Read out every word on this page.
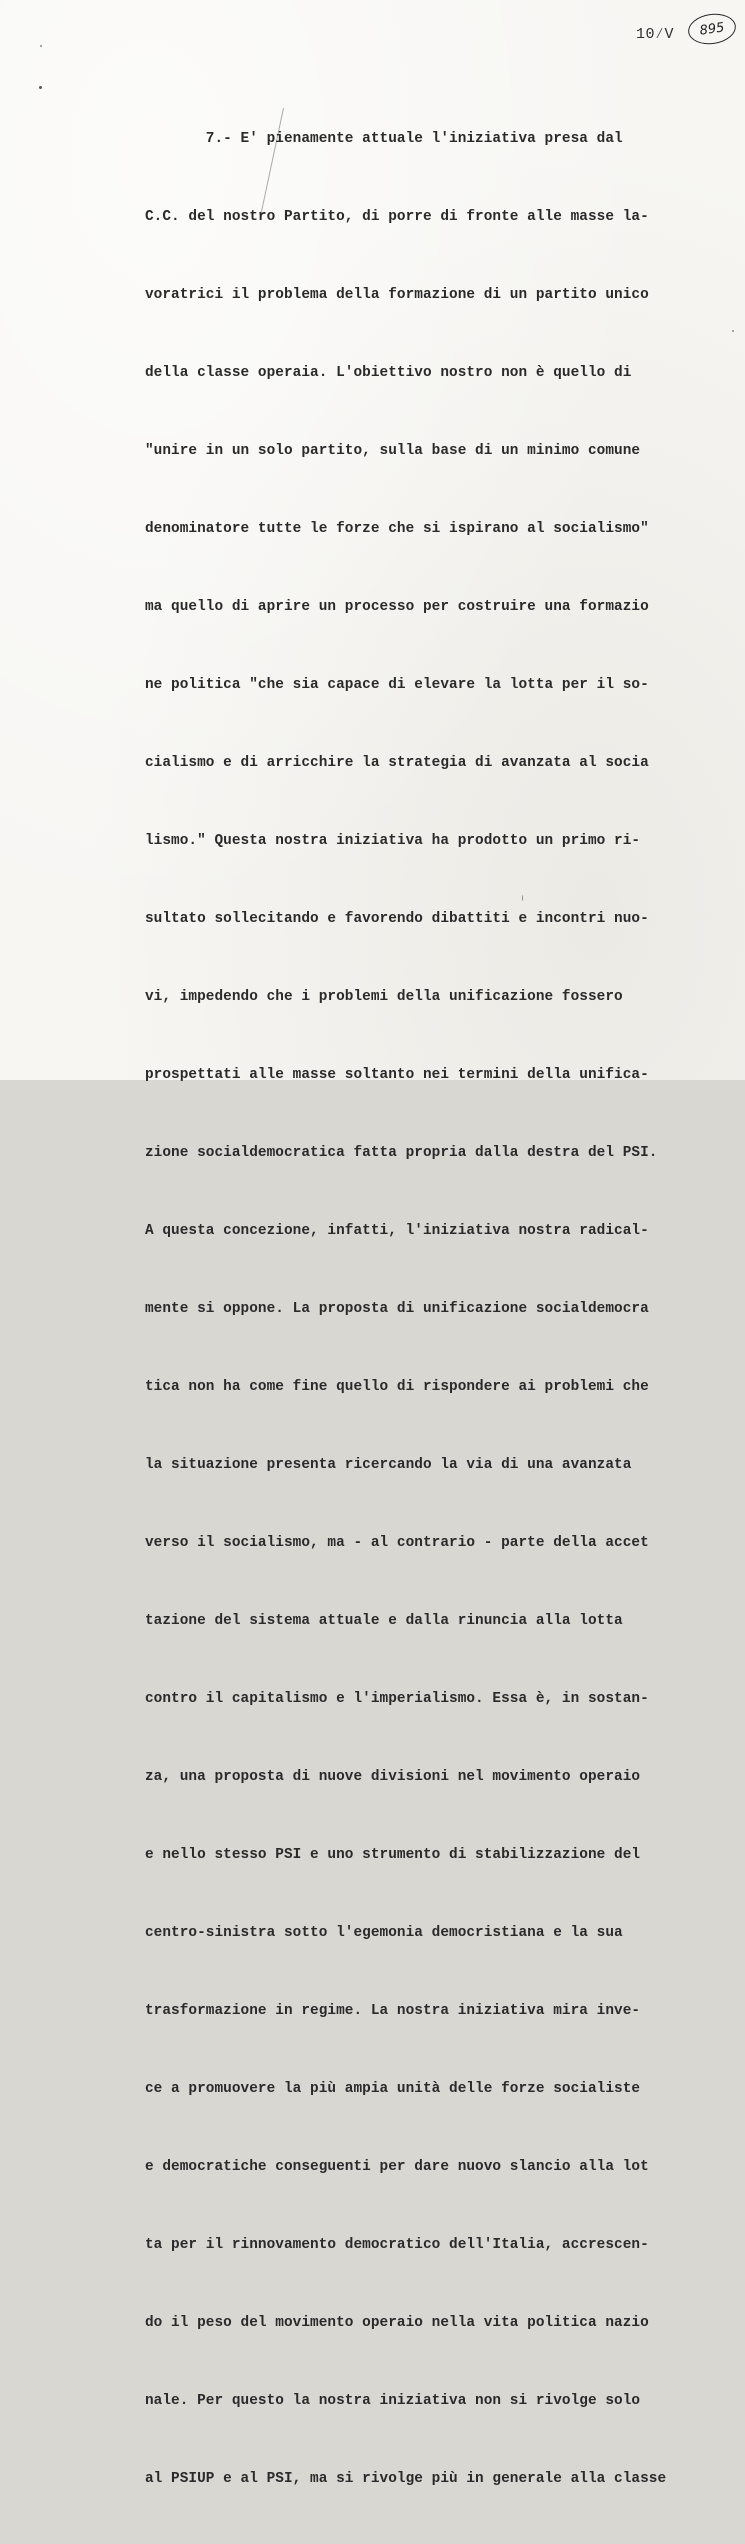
10∕V 895

7.- E' pienamente attuale l'iniziativa presa dal

C.C. del nostro Partito, di porre di fronte alle masse la-

voratrici il problema della formazione di un partito unico

della classe operaia. L'obiettivo nostro non è quello di

"unire in un solo partito, sulla base di un minimo comune

denominatore tutte le forze che si ispirano al socialismo"

ma quello di aprire un processo per costruire una formazio

ne politica "che sia capace di elevare la lotta per il so-

cialismo e di arricchire la strategia di avanzata al socia

lismo." Questa nostra iniziativa ha prodotto un primo ri-

sultato sollecitando e favorendo dibattiti e incontri nuo-

vi, impedendo che i problemi della unificazione fossero

prospettati alle masse soltanto nei termini della unifica-

zione socialdemocratica fatta propria dalla destra del PSI.

A questa concezione, infatti, l'iniziativa nostra radical-

mente si oppone. La proposta di unificazione socialdemocra

tica non ha come fine quello di rispondere ai problemi che

la situazione presenta ricercando la via di una avanzata

verso il socialismo, ma - al contrario - parte della accet

tazione del sistema attuale e dalla rinuncia alla lotta

contro il capitalismo e l'imperialismo. Essa è, in sostan-

za, una proposta di nuove divisioni nel movimento operaio

e nello stesso PSI e uno strumento di stabilizzazione del

centro-sinistra sotto l'egemonia democristiana e la sua

trasformazione in regime. La nostra iniziativa mira inve-

ce a promuovere la più ampia unità delle forze socialiste

e democratiche conseguenti per dare nuovo slancio alla lot

ta per il rinnovamento democratico dell'Italia, accrescen-

do il peso del movimento operaio nella vita politica nazio

nale. Per questo la nostra iniziativa non si rivolge solo

al PSIUP e al PSI, ma si rivolge più in generale alla classe
